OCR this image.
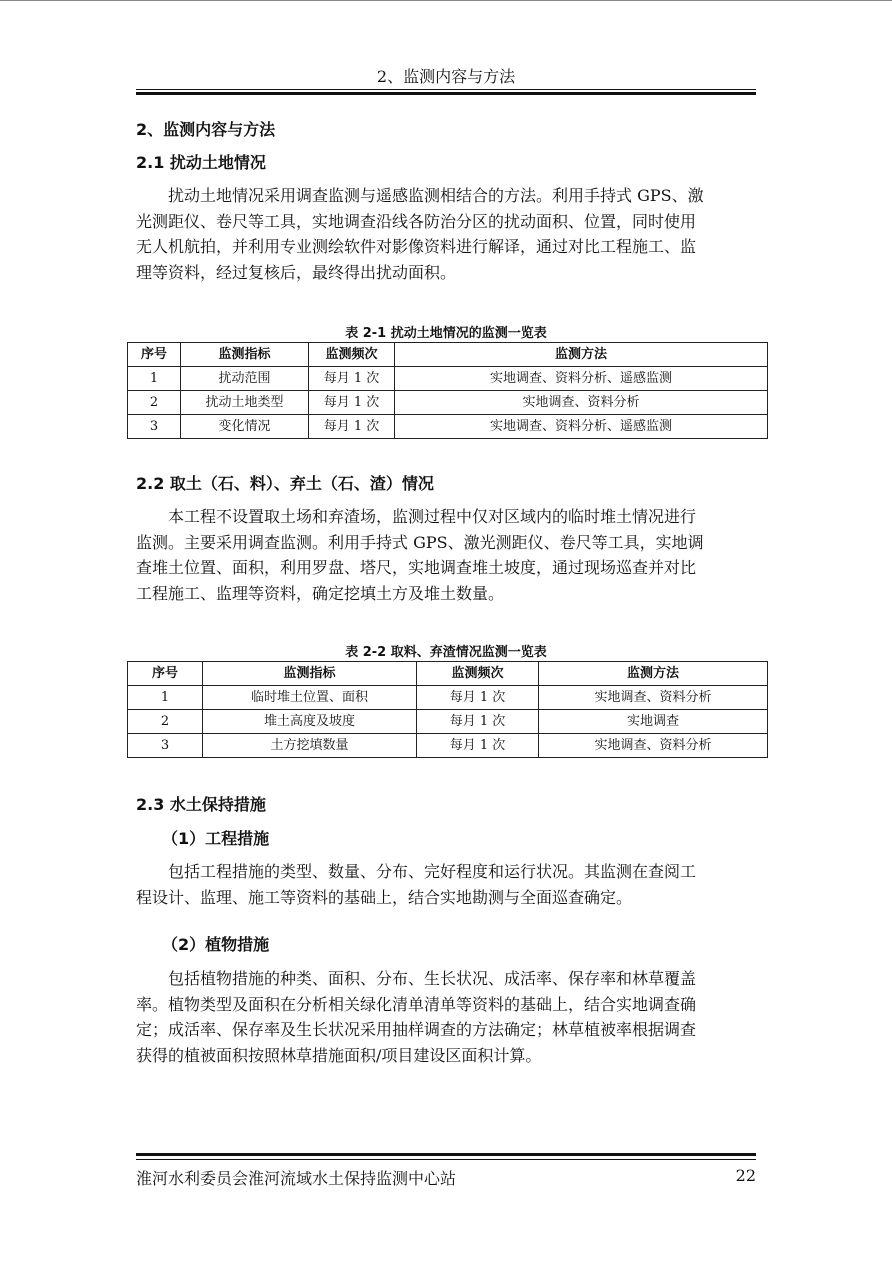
2、监测内容与方法
2、监测内容与方法
2.1 扰动土地情况
扰动土地情况采用调查监测与遥感监测相结合的方法。利用手持式 GPS、激
光测距仪、卷尺等工具，实地调查沿线各防治分区的扰动面积、位置，同时使用
无人机航拍，并利用专业测绘软件对影像资料进行解译，通过对比工程施工、监
理等资料，经过复核后，最终得出扰动面积。
表 2-1 扰动土地情况的监测一览表
序号	监测指标	监测频次	监测方法
1	扰动范围	每月 1 次	实地调查、资料分析、遥感监测
2	扰动土地类型	每月 1 次	实地调查、资料分析
3	变化情况	每月 1 次	实地调查、资料分析、遥感监测
2.2 取土（石、料）、弃土（石、渣）情况
本工程不设置取土场和弃渣场，监测过程中仅对区域内的临时堆土情况进行
监测。主要采用调查监测。利用手持式 GPS、激光测距仪、卷尺等工具，实地调
查堆土位置、面积，利用罗盘、塔尺，实地调查堆土坡度，通过现场巡查并对比
工程施工、监理等资料，确定挖填土方及堆土数量。
表 2-2 取料、弃渣情况监测一览表
序号	监测指标	监测频次	监测方法
1	临时堆土位置、面积	每月 1 次	实地调查、资料分析
2	堆土高度及坡度	每月 1 次	实地调查
3	土方挖填数量	每月 1 次	实地调查、资料分析
2.3 水土保持措施
（1）工程措施
包括工程措施的类型、数量、分布、完好程度和运行状况。其监测在查阅工
程设计、监理、施工等资料的基础上，结合实地勘测与全面巡查确定。
（2）植物措施
包括植物措施的种类、面积、分布、生长状况、成活率、保存率和林草覆盖
率。植物类型及面积在分析相关绿化清单清单等资料的基础上，结合实地调查确
定；成活率、保存率及生长状况采用抽样调查的方法确定；林草植被率根据调查
获得的植被面积按照林草措施面积/项目建设区面积计算。
淮河水利委员会淮河流域水土保持监测中心站	22
